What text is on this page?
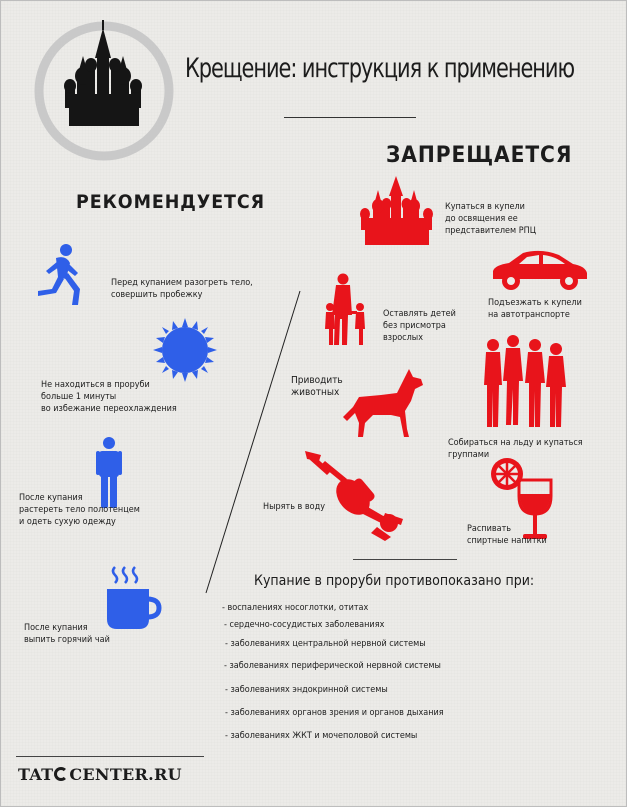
Крещение: инструкция к применению
ЗАПРЕЩАЕТСЯ
РЕКОМЕНДУЕТСЯ
Перед купанием разогреть тело,
совершить пробежку
Не находиться в проруби
больше 1 минуты
во избежание переохлаждения
После купания
растереть тело полотенцем
и одеть сухую одежду
После купания
выпить горячий чай
Купаться в купели
до освящения ее
представителем РПЦ
Подъезжать к купели
на автотранспорте
Оставлять детей
без присмотра
взрослых
Приводить
животных
Собираться на льду и купаться
группами
Нырять в воду
Распивать
спиртные напитки
Купание в проруби противопоказано при:
- воспалениях носоглотки, отитах
- сердечно-сосудистых заболеваниях
- заболеваниях центральной нервной системы
- заболеваниях периферической нервной системы
- заболеваниях эндокринной системы
- заболеваниях органов зрения и органов дыхания
- заболеваниях ЖКТ и мочеполовой системы
TAT CENTER.RU
